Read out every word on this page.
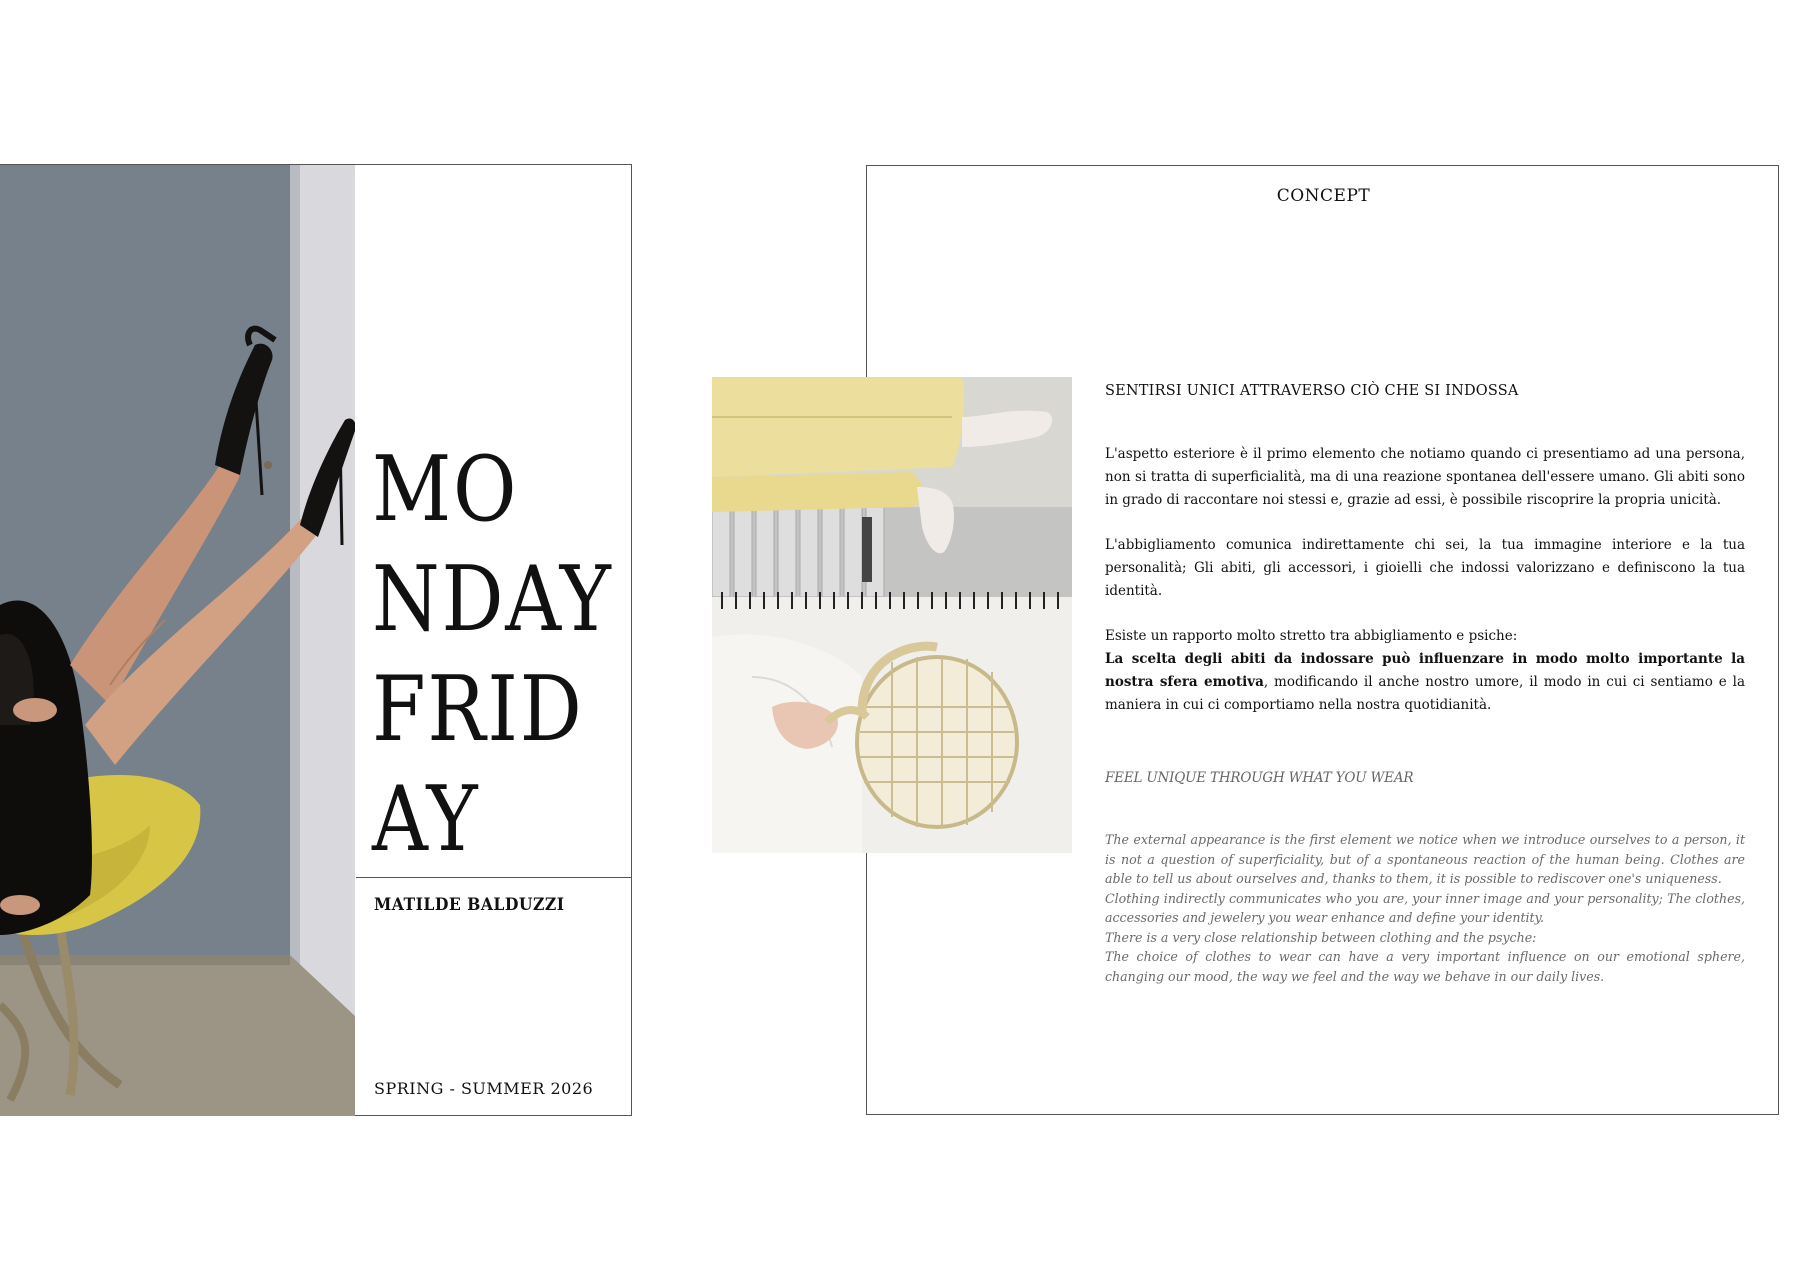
MO
NDAY
FRID
AY
MATILDE BALDUZZI
SPRING - SUMMER 2026
CONCEPT
SENTIRSI UNICI ATTRAVERSO CIÒ CHE SI INDOSSA

L'aspetto esteriore è il primo elemento che notiamo quando ci presentiamo ad una persona, non si tratta di superficialità, ma di una reazione spontanea dell'essere umano. Gli abiti sono in grado di raccontare noi stessi e, grazie ad essi, è possibile riscoprire la propria unicità.

L'abbigliamento comunica indirettamente chi sei, la tua immagine interiore e la tua personalità; Gli abiti, gli accessori, i gioielli che indossi valorizzano e definiscono la tua identità.

Esiste un rapporto molto stretto tra abbigliamento e psiche:
La scelta degli abiti da indossare può influenzare in modo molto importante la nostra sfera emotiva, modificando il anche nostro umore, il modo in cui ci sentiamo e la maniera in cui ci comportiamo nella nostra quotidianità.

FEEL UNIQUE THROUGH WHAT YOU WEAR

The external appearance is the first element we notice when we introduce ourselves to a person, it is not a question of superficiality, but of a spontaneous reaction of the human being. Clothes are able to tell us about ourselves and, thanks to them, it is possible to rediscover one's uniqueness.

Clothing indirectly communicates who you are, your inner image and your personality; The clothes, accessories and jewelery you wear enhance and define your identity.

There is a very close relationship between clothing and the psyche:

The choice of clothes to wear can have a very important influence on our emotional sphere, changing our mood, the way we feel and the way we behave in our daily lives.
